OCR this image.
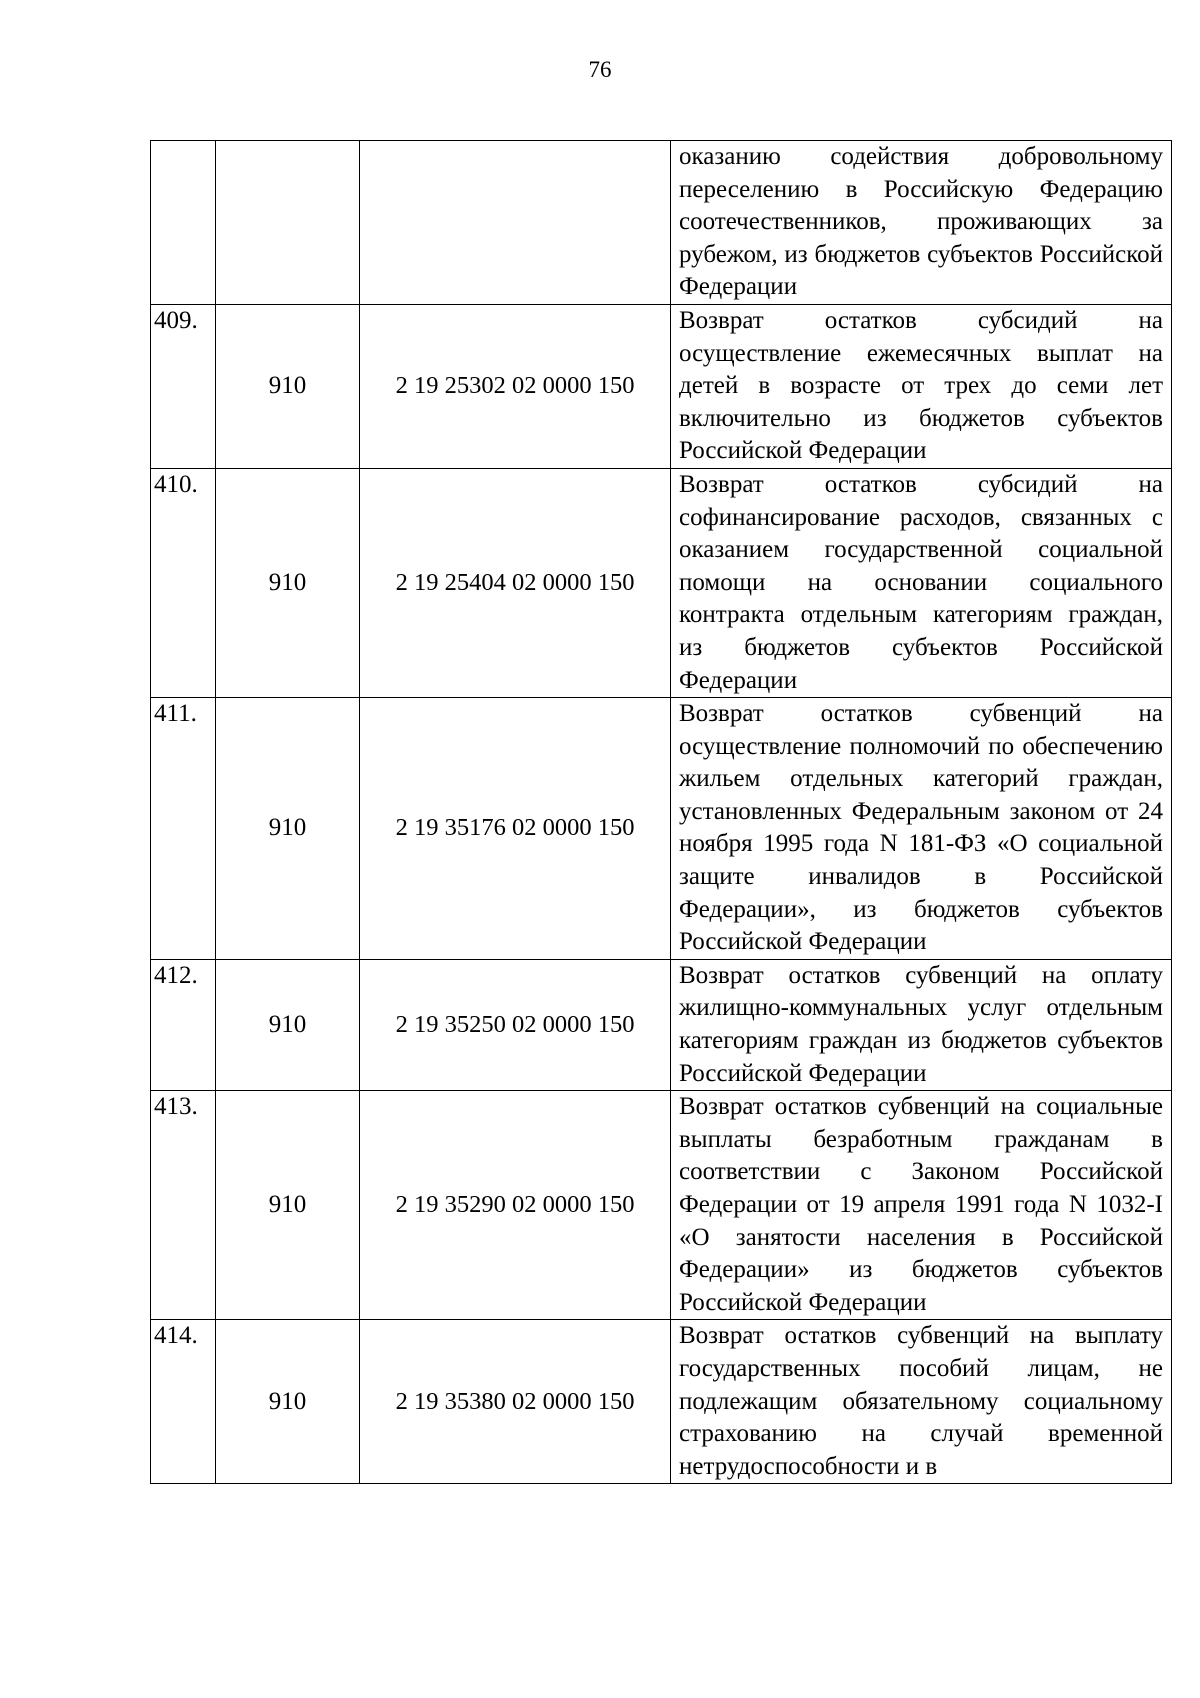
76
			оказанию содействия добровольному переселению в Российскую Федерацию соотечественников, проживающих за рубежом, из бюджетов субъектов Российской Федерации
409.	910	2 19 25302 02 0000 150	Возврат остатков субсидий на осуществление ежемесячных выплат на детей в возрасте от трех до семи лет включительно из бюджетов субъектов Российской Федерации
410.	910	2 19 25404 02 0000 150	Возврат остатков субсидий на софинансирование расходов, связанных с оказанием государственной социальной помощи на основании социального контракта отдельным категориям граждан, из бюджетов субъектов Российской Федерации
411.	910	2 19 35176 02 0000 150	Возврат остатков субвенций на осуществление полномочий по обеспечению жильем отдельных категорий граждан, установленных Федеральным законом от 24 ноября 1995 года N 181-ФЗ «О социальной защите инвалидов в Российской Федерации», из бюджетов субъектов Российской Федерации
412.	910	2 19 35250 02 0000 150	Возврат остатков субвенций на оплату жилищно-коммунальных услуг отдельным категориям граждан из бюджетов субъектов Российской Федерации
413.	910	2 19 35290 02 0000 150	Возврат остатков субвенций на социальные выплаты безработным гражданам в соответствии с Законом Российской Федерации от 19 апреля 1991 года N 1032-I «О занятости населения в Российской Федерации» из бюджетов субъектов Российской Федерации
414.	910	2 19 35380 02 0000 150	Возврат остатков субвенций на выплату государственных пособий лицам, не подлежащим обязательному социальному страхованию на случай временной нетрудоспособности и в
